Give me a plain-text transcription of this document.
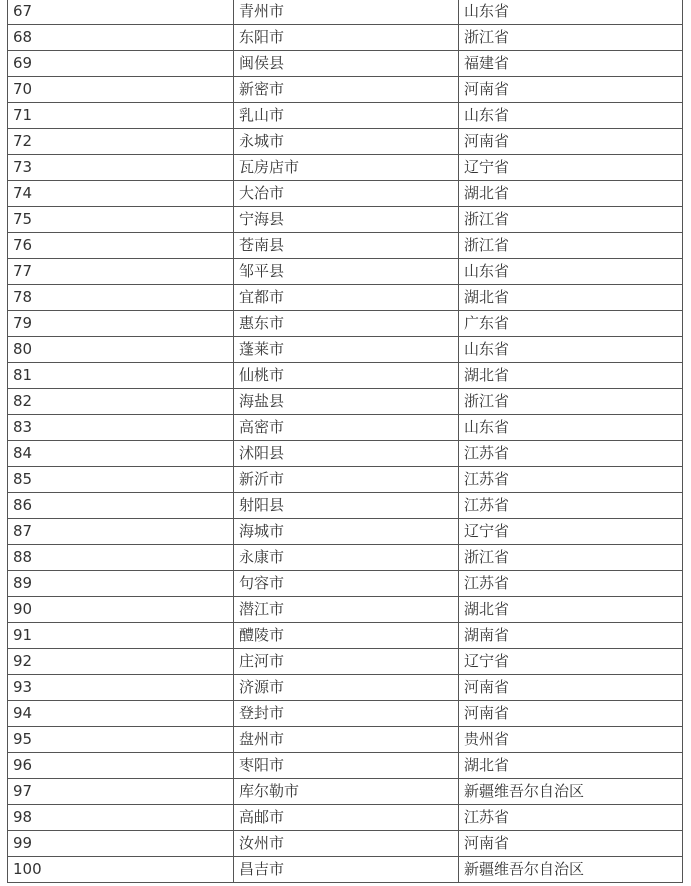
67	青州市	山东省
68	东阳市	浙江省
69	闽侯县	福建省
70	新密市	河南省
71	乳山市	山东省
72	永城市	河南省
73	瓦房店市	辽宁省
74	大冶市	湖北省
75	宁海县	浙江省
76	苍南县	浙江省
77	邹平县	山东省
78	宜都市	湖北省
79	惠东市	广东省
80	蓬莱市	山东省
81	仙桃市	湖北省
82	海盐县	浙江省
83	高密市	山东省
84	沭阳县	江苏省
85	新沂市	江苏省
86	射阳县	江苏省
87	海城市	辽宁省
88	永康市	浙江省
89	句容市	江苏省
90	潜江市	湖北省
91	醴陵市	湖南省
92	庄河市	辽宁省
93	济源市	河南省
94	登封市	河南省
95	盘州市	贵州省
96	枣阳市	湖北省
97	库尔勒市	新疆维吾尔自治区
98	高邮市	江苏省
99	汝州市	河南省
100	昌吉市	新疆维吾尔自治区
